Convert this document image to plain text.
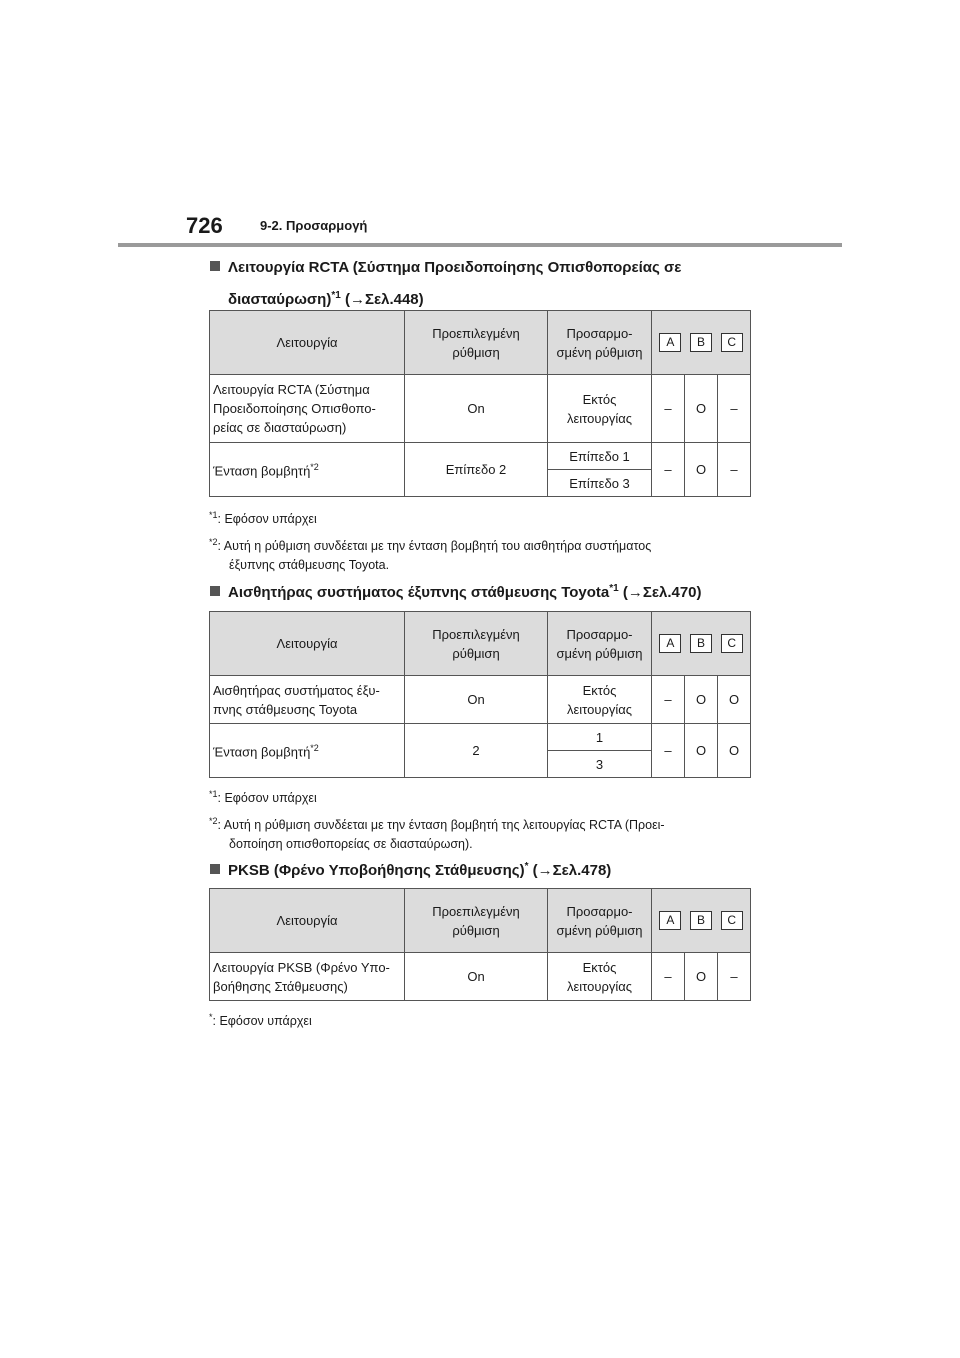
726	9-2. Προσαρμογή
Λειτουργία RCTA (Σύστημα Προειδοποίησης Οπισθοπορείας σε
διασταύρωση)$^{*1}$ (→Σελ.448)
Λειτουργία	Προεπιλεγμένη ρύθμιση	Προσαρμο-σμένη ρύθμιση	A B C		

Λειτουργία RCTA (Σύστημα Προειδοποίησης Οπισθοπο-ρείας σε διασταύρωση)	On	Εκτός λειτουργίας	–	O	–
Ένταση βομβητή$^{*2}$	Επίπεδο 2	Επίπεδο 1	–	O	–
		Επίπεδο 3			
$^{*1}$: Εφόσον υπάρχει
$^{*2}$: Αυτή η ρύθμιση συνδέεται με την ένταση βομβητή του αισθητήρα συστήματος
έξυπνης στάθμευσης Toyota.
Αισθητήρας συστήματος έξυπνης στάθμευσης Toyota$^{*1}$ (→Σελ.470)
Λειτουργία	Προεπιλεγμένη ρύθμιση	Προσαρμο-σμένη ρύθμιση	A B C		

Αισθητήρας συστήματος έξυ-πνης στάθμευσης Toyota	On	Εκτός λειτουργίας	–	O	O
Ένταση βομβητή$^{*2}$	2	1	–	O	O
		3			
$^{*1}$: Εφόσον υπάρχει
$^{*2}$: Αυτή η ρύθμιση συνδέεται με την ένταση βομβητή της λειτουργίας RCTA (Προει-
δοποίηση οπισθοπορείας σε διασταύρωση).
PKSB (Φρένο Υποβοήθησης Στάθμευσης)* (→Σελ.478)
Λειτουργία	Προεπιλεγμένη ρύθμιση	Προσαρμο-σμένη ρύθμιση	A B C		

Λειτουργία PKSB (Φρένο Υπο-βοήθησης Στάθμευσης)	On	Εκτός λειτουργίας	–	O	–
*: Εφόσον υπάρχει
